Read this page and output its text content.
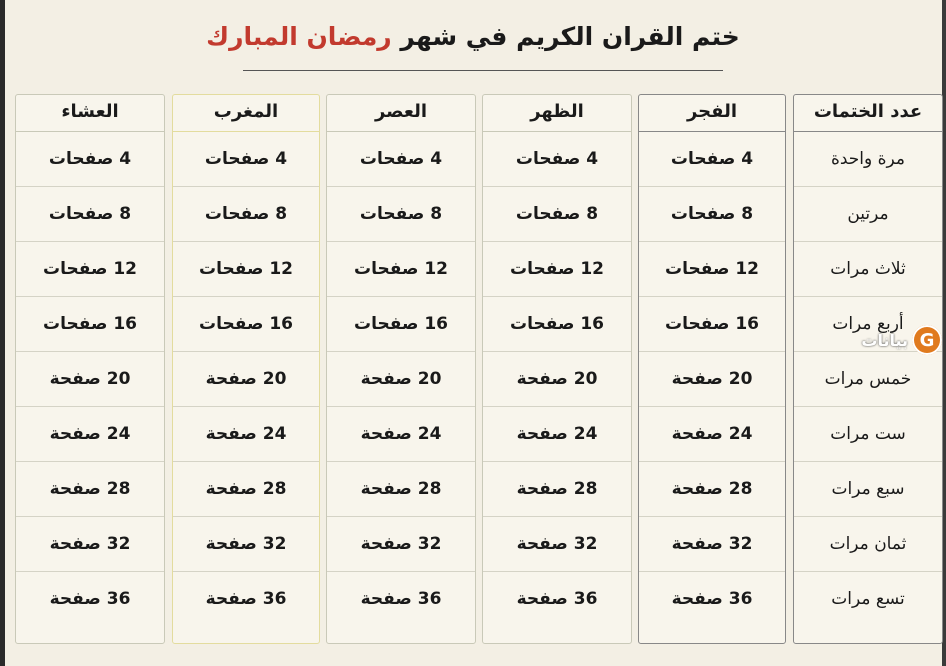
ختم القران الكريم في شهر رمضان المبارك
عدد الختمات
مرة واحدة
مرتين
ثلاث مرات
أربع مرات
خمس مرات
ست مرات
سبع مرات
ثمان مرات
تسع مرات
الفجر
4 صفحات
8 صفحات
12 صفحات
16 صفحات
20 صفحة
24 صفحة
28 صفحة
32 صفحة
36 صفحة
الظهر
4 صفحات
8 صفحات
12 صفحات
16 صفحات
20 صفحة
24 صفحة
28 صفحة
32 صفحة
36 صفحة
العصر
4 صفحات
8 صفحات
12 صفحات
16 صفحات
20 صفحة
24 صفحة
28 صفحة
32 صفحة
36 صفحة
المغرب
4 صفحات
8 صفحات
12 صفحات
16 صفحات
20 صفحة
24 صفحة
28 صفحة
32 صفحة
36 صفحة
العشاء
4 صفحات
8 صفحات
12 صفحات
16 صفحات
20 صفحة
24 صفحة
28 صفحة
32 صفحة
36 صفحة
بيانات G
